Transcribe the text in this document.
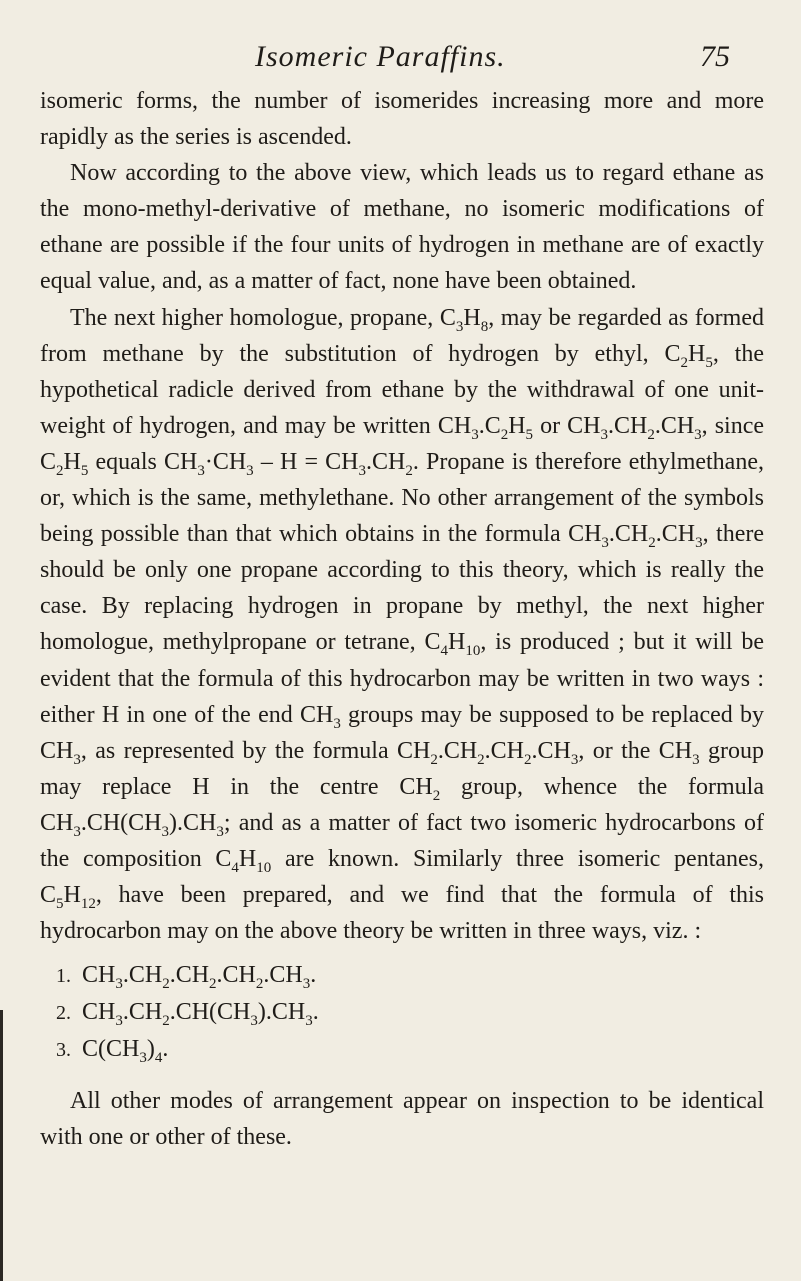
Isomeric Paraffins.	75

isomeric forms, the number of isomerides increasing more and more rapidly as the series is ascended.

Now according to the above view, which leads us to regard ethane as the mono-methyl-derivative of methane, no isomeric modifications of ethane are possible if the four units of hydrogen in methane are of exactly equal value, and, as a matter of fact, none have been obtained.

The next higher homologue, propane, $C_3H_8$, may be regarded as formed from methane by the substitution of hydrogen by ethyl, $C_2H_5$, the hypothetical radicle derived from ethane by the withdrawal of one unit-weight of hydrogen, and may be written $CH_3.C_2H_5$ or $CH_3.CH_2.CH_3$, since $C_2H_5$ equals $CH_3\cdot CH_3 - H = CH_3.CH_2$. Propane is therefore ethylmethane, or, which is the same, methylethane. No other arrangement of the symbols being possible than that which obtains in the formula $CH_3.CH_2.CH_3$, there should be only one propane according to this theory, which is really the case. By replacing hydrogen in propane by methyl, the next higher homologue, methylpropane or tetrane, $C_4H_{10}$, is produced ; but it will be evident that the formula of this hydrocarbon may be written in two ways : either H in one of the end $CH_3$ groups may be supposed to be replaced by $CH_3$, as represented by the formula $CH_2.CH_2.CH_2.CH_3$, or the $CH_3$ group may replace H in the centre $CH_2$ group, whence the formula $CH_3.CH(CH_3).CH_3$; and as a matter of fact two isomeric hydrocarbons of the composition $C_4H_{10}$ are known. Similarly three isomeric pentanes, $C_5H_{12}$, have been prepared, and we find that the formula of this hydrocarbon may on the above theory be written in three ways, viz. :

1. $CH_3.CH_2.CH_2.CH_2.CH_3$.
2. $CH_3.CH_2.CH(CH_3).CH_3$.
3. $C(CH_3)_4$.

All other modes of arrangement appear on inspection to be identical with one or other of these.
